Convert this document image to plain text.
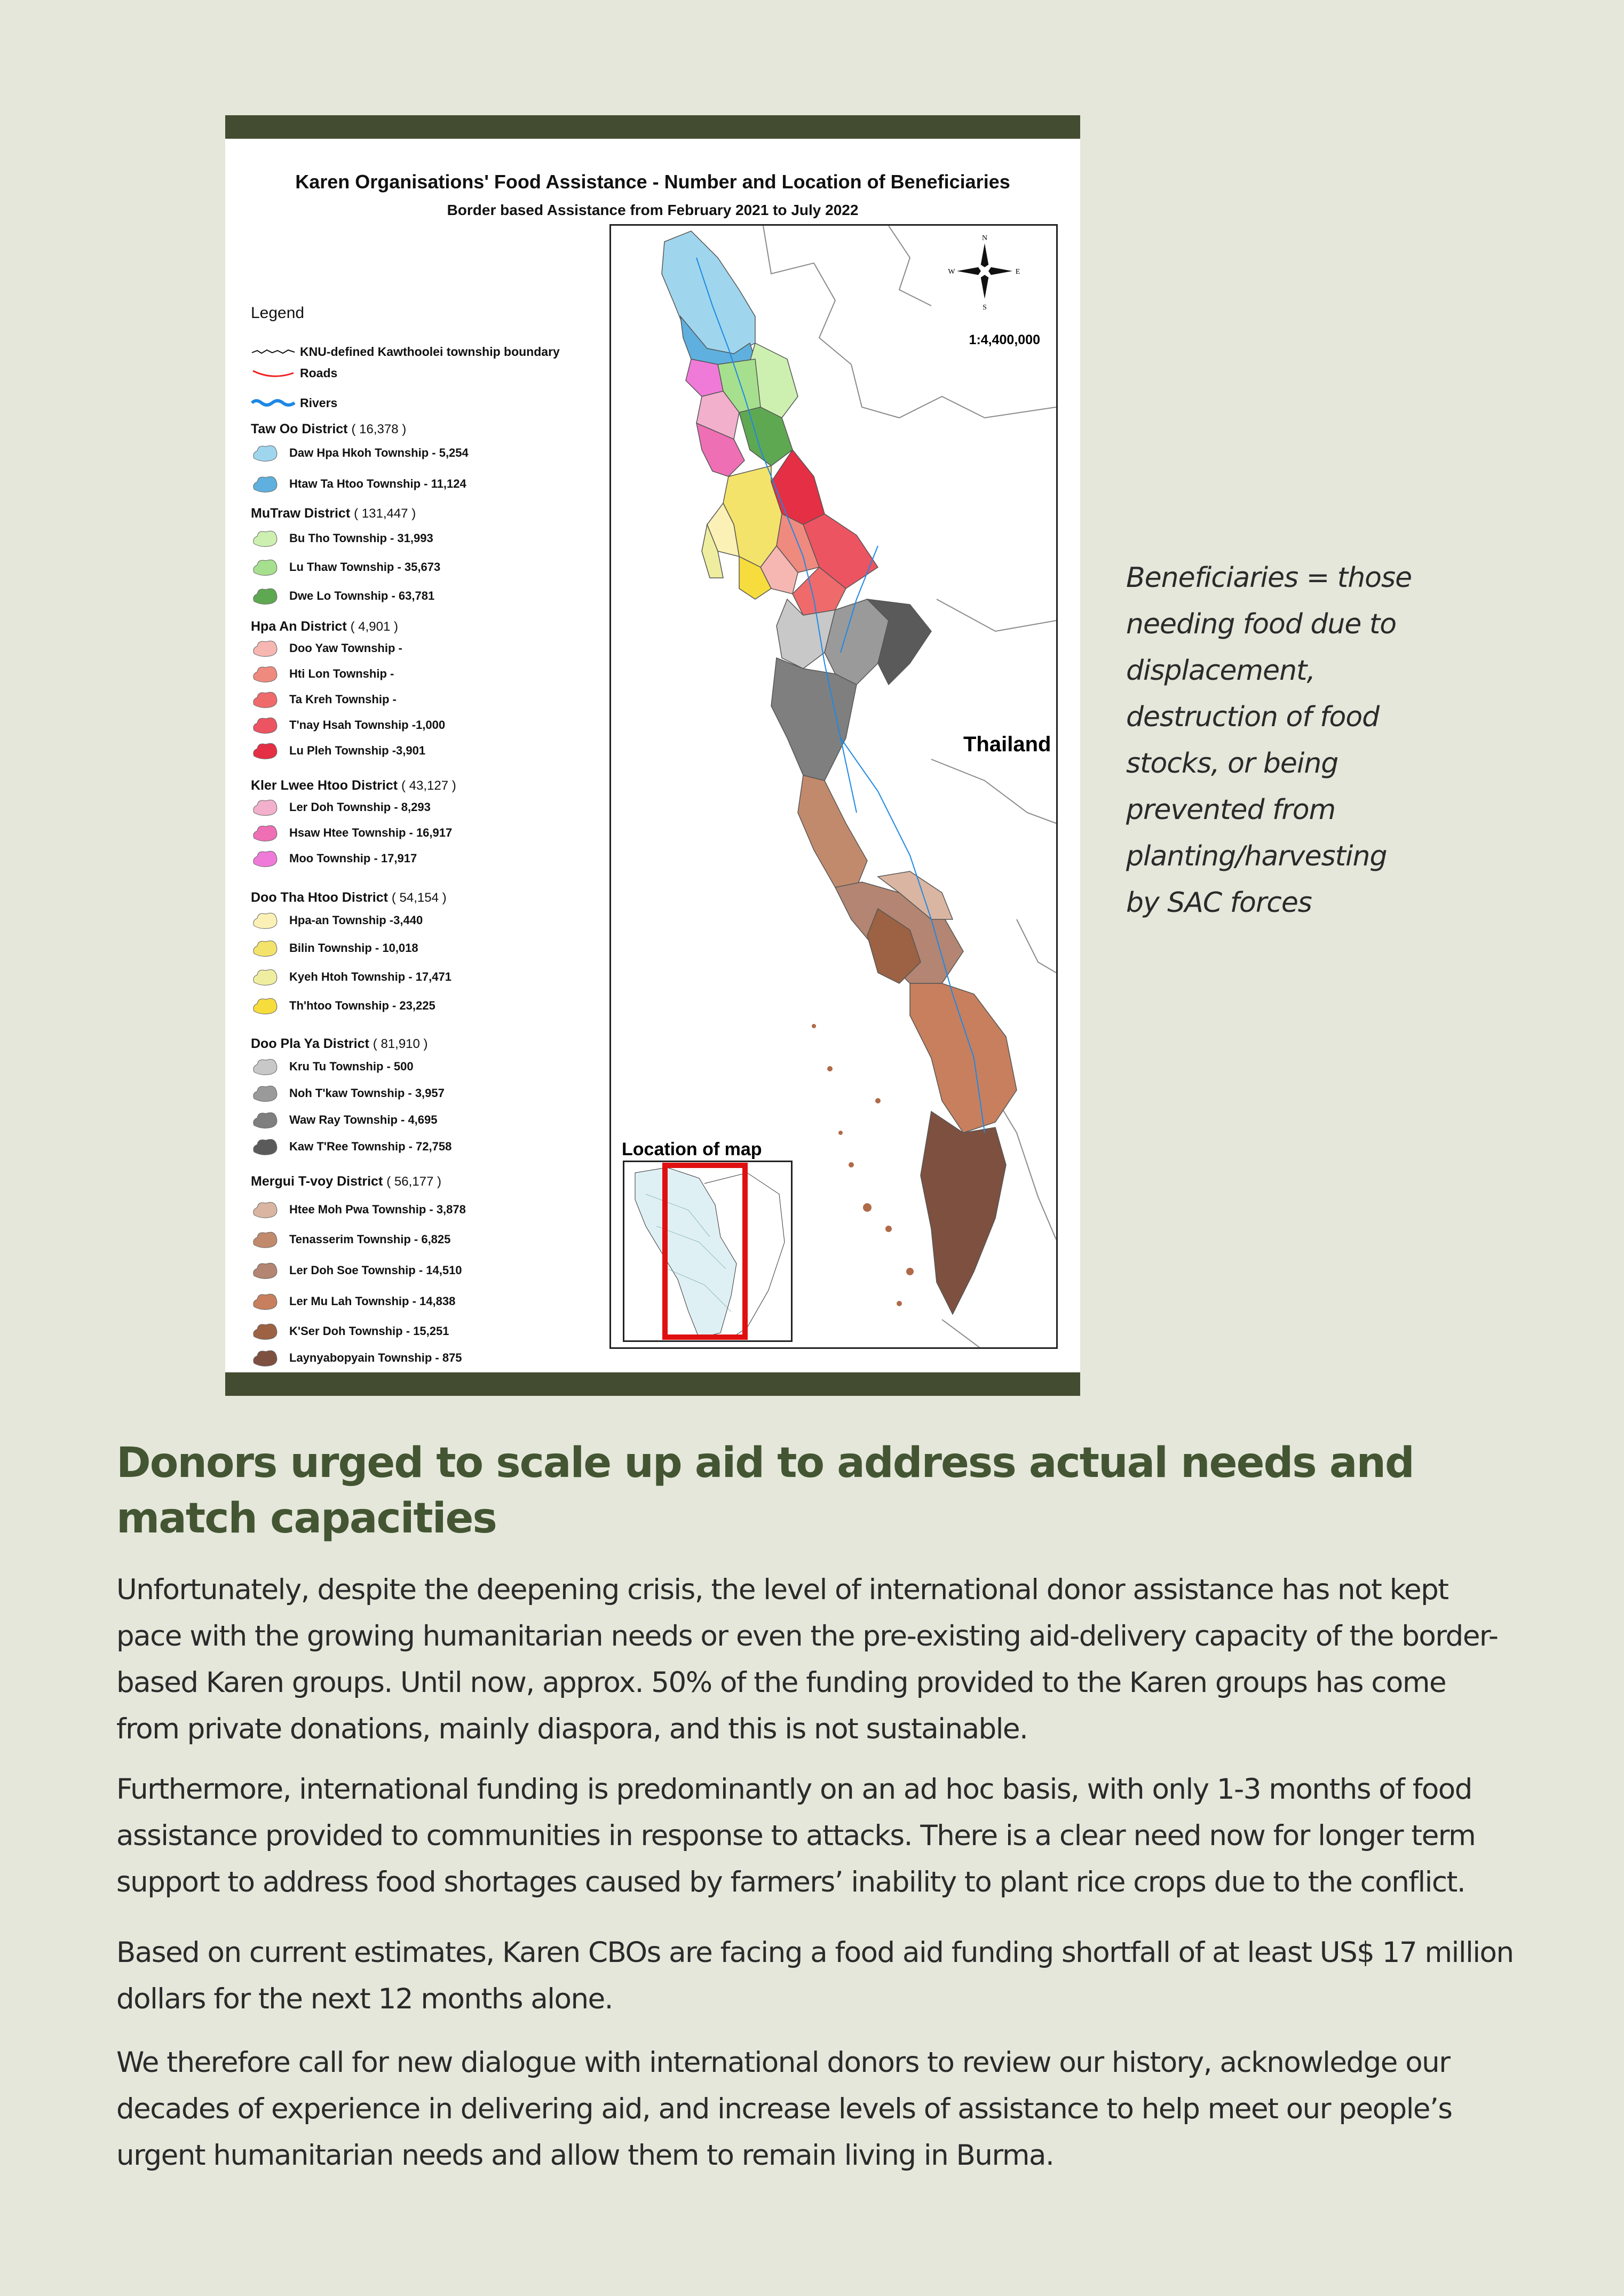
Karen Organisations' Food Assistance - Number and Location of Beneficiaries
Border based Assistance from February 2021 to July 2022
Legend
KNU-defined Kawthoolei township boundary
Roads
Rivers
Taw Oo District ( 16,378 )
Daw Hpa Hkoh Township - 5,254
Htaw Ta Htoo Township - 11,124
MuTraw District ( 131,447 )
Bu Tho Township - 31,993
Lu Thaw Township - 35,673
Dwe Lo Township - 63,781
Hpa An District ( 4,901 )
Doo Yaw Township -
Hti Lon Township -
Ta Kreh Township -
T'nay Hsah Township -1,000
Lu Pleh Township -3,901
Kler Lwee Htoo District ( 43,127 )
Ler Doh Township - 8,293
Hsaw Htee Township - 16,917
Moo Township - 17,917
Doo Tha Htoo District ( 54,154 )
Hpa-an Township -3,440
Bilin Township - 10,018
Kyeh Htoh Township - 17,471
Th'htoo Township - 23,225
Doo Pla Ya District ( 81,910 )
Kru Tu Township - 500
Noh T'kaw Township - 3,957
Waw Ray Township - 4,695
Kaw T'Ree Township - 72,758
Mergui T-voy District ( 56,177 )
Htee Moh Pwa Township - 3,878
Tenasserim Township - 6,825
Ler Doh Soe Township - 14,510
Ler Mu Lah Township - 14,838
K'Ser Doh Township - 15,251
Laynyabopyain Township - 875
N
S
E
W
1:4,400,000
Thailand
Location of map
Beneficiaries = those needing food due to displacement, destruction of food stocks, or being prevented from planting/harvesting by SAC forces
Donors urged to scale up aid to address actual needs and match capacities

Unfortunately, despite the deepening crisis, the level of international donor assistance has not kept pace with the growing humanitarian needs or even the pre-existing aid-delivery capacity of the border-based Karen groups. Until now, approx. 50% of the funding provided to the Karen groups has come from private donations, mainly diaspora, and this is not sustainable.

Furthermore, international funding is predominantly on an ad hoc basis, with only 1-3 months of food assistance provided to communities in response to attacks. There is a clear need now for longer term support to address food shortages caused by farmers’ inability to plant rice crops due to the conflict.

Based on current estimates, Karen CBOs are facing a food aid funding shortfall of at least US$ 17 million dollars for the next 12 months alone.

We therefore call for new dialogue with international donors to review our history, acknowledge our decades of experience in delivering aid, and increase levels of assistance to help meet our people’s urgent humanitarian needs and allow them to remain living in Burma.
